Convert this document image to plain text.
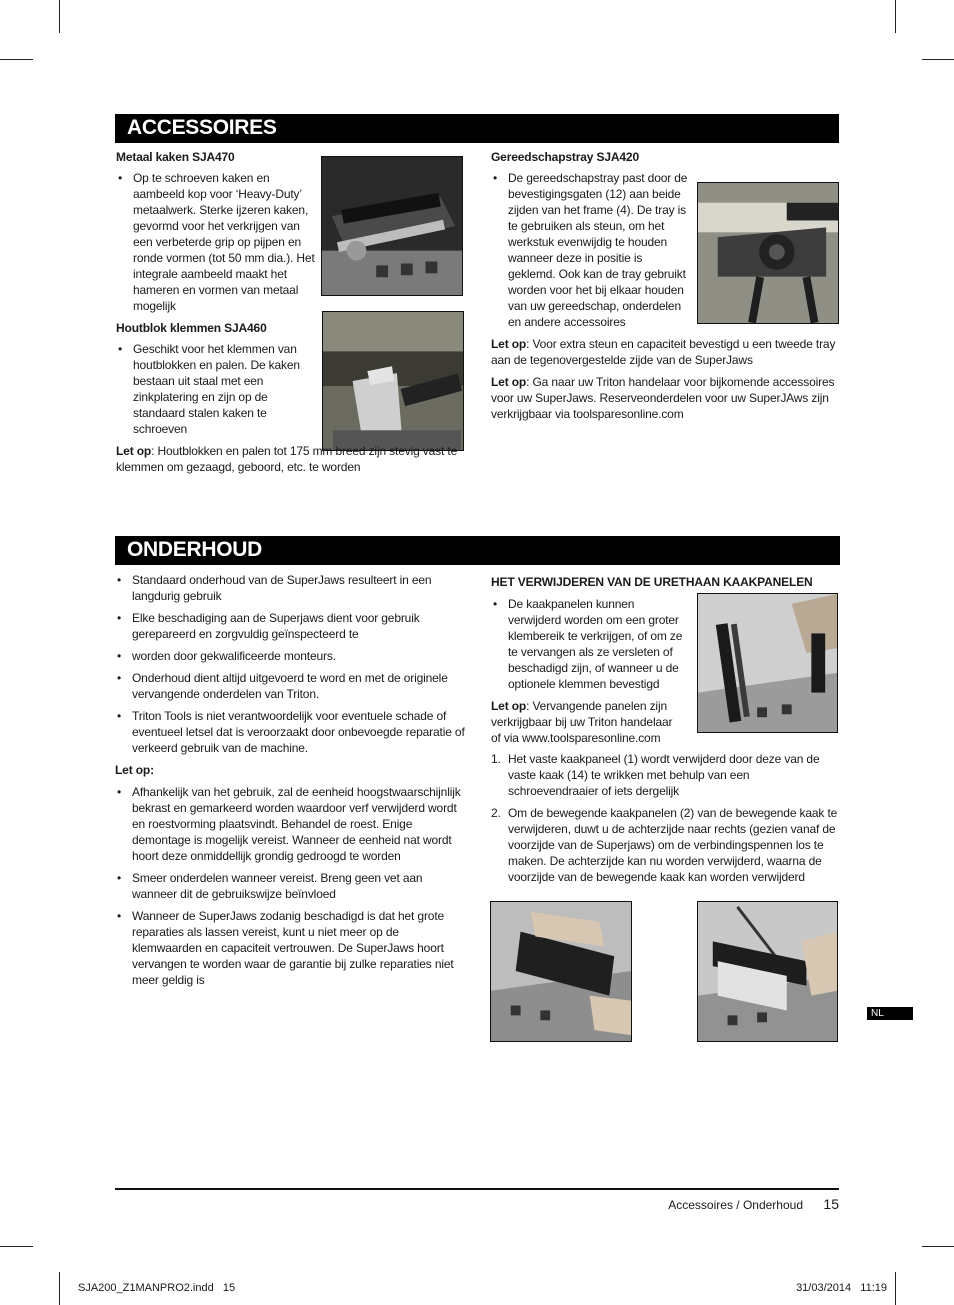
ACCESSOIRES

Metaal kaken SJA470

• Op te schroeven kaken en aambeeld kop voor ‘Heavy-Duty’ metaalwerk. Sterke ijzeren kaken, gevormd voor het verkrijgen van een verbeterde grip op pijpen en ronde vormen (tot 50 mm dia.). Het integrale aambeeld maakt het hameren en vormen van metaal mogelijk

Houtblok klemmen SJA460

• Geschikt voor het klemmen van houtblokken en palen. De kaken bestaan uit staal met een zinkplatering en zijn op de standaard stalen kaken te schroeven

Let op: Houtblokken en palen tot 175 mm breed zijn stevig vast te klemmen om gezaagd, geboord, etc. te worden

Gereedschapstray SJA420

• De gereedschapstray past door de bevestigingsgaten (12) aan beide zijden van het frame (4). De tray is te gebruiken als steun, om het werkstuk evenwijdig te houden wanneer deze in positie is geklemd. Ook kan de tray gebruikt worden voor het bij elkaar houden van uw gereedschap, onderdelen en andere accessoires

Let op: Voor extra steun en capaciteit bevestigd u een tweede tray aan de tegenovergestelde zijde van de SuperJaws

Let op: Ga naar uw Triton handelaar voor bijkomende accessoires voor uw SuperJaws. Reserveonderdelen voor uw SuperJAws zijn verkrijgbaar via toolsparesonline.com

ONDERHOUD
• Standaard onderhoud van de SuperJaws resulteert in een langdurig gebruik
• Elke beschadiging aan de Superjaws dient voor gebruik gerepareerd en zorgvuldig geïnspecteerd te
• worden door gekwalificeerde monteurs.
• Onderhoud dient altijd uitgevoerd te word en met de originele vervangende onderdelen van Triton.
• Triton Tools is niet verantwoordelijk voor eventuele schade of eventueel letsel dat is veroorzaakt door onbevoegde reparatie of verkeerd gebruik van de machine.

Let op:

• Afhankelijk van het gebruik, zal de eenheid hoogstwaarschijnlijk bekrast en gemarkeerd worden waardoor verf verwijderd wordt en roestvorming plaatsvindt. Behandel de roest. Enige demontage is mogelijk vereist. Wanneer de eenheid nat wordt hoort deze onmiddellijk grondig gedroogd te worden
• Smeer onderdelen wanneer vereist. Breng geen vet aan wanneer dit de gebruikswijze beïnvloed
• Wanneer de SuperJaws zodanig beschadigd is dat het grote reparaties als lassen vereist, kunt u niet meer op de klemwaarden en capaciteit vertrouwen. De SuperJaws hoort vervangen te worden waar de garantie bij zulke reparaties niet meer geldig is

HET VERWIJDEREN VAN DE URETHAAN KAAKPANELEN

• De kaakpanelen kunnen verwijderd worden om een groter klembereik te verkrijgen, of om ze te vervangen als ze versleten of beschadigd zijn, of wanneer u de optionele klemmen bevestigd

Let op: Vervangende panelen zijn verkrijgbaar bij uw Triton handelaar of via www.toolsparesonline.com

1. Het vaste kaakpaneel (1) wordt verwijderd door deze van de vaste kaak (14) te wrikken met behulp van een schroevendraaier of iets dergelijk
2. Om de bewegende kaakpanelen (2) van de bewegende kaak te verwijderen, duwt u de achterzijde naar rechts (gezien vanaf de voorzijde van de Superjaws) om de verbindingspennen los te maken. De achterzijde kan nu worden verwijderd, waarna de voorzijde van de bewegende kaak kan worden verwijderd
NL
Accessoires / Onderhoud	15
SJA200_Z1MANPRO2.indd   15	31/03/2014   11:19
